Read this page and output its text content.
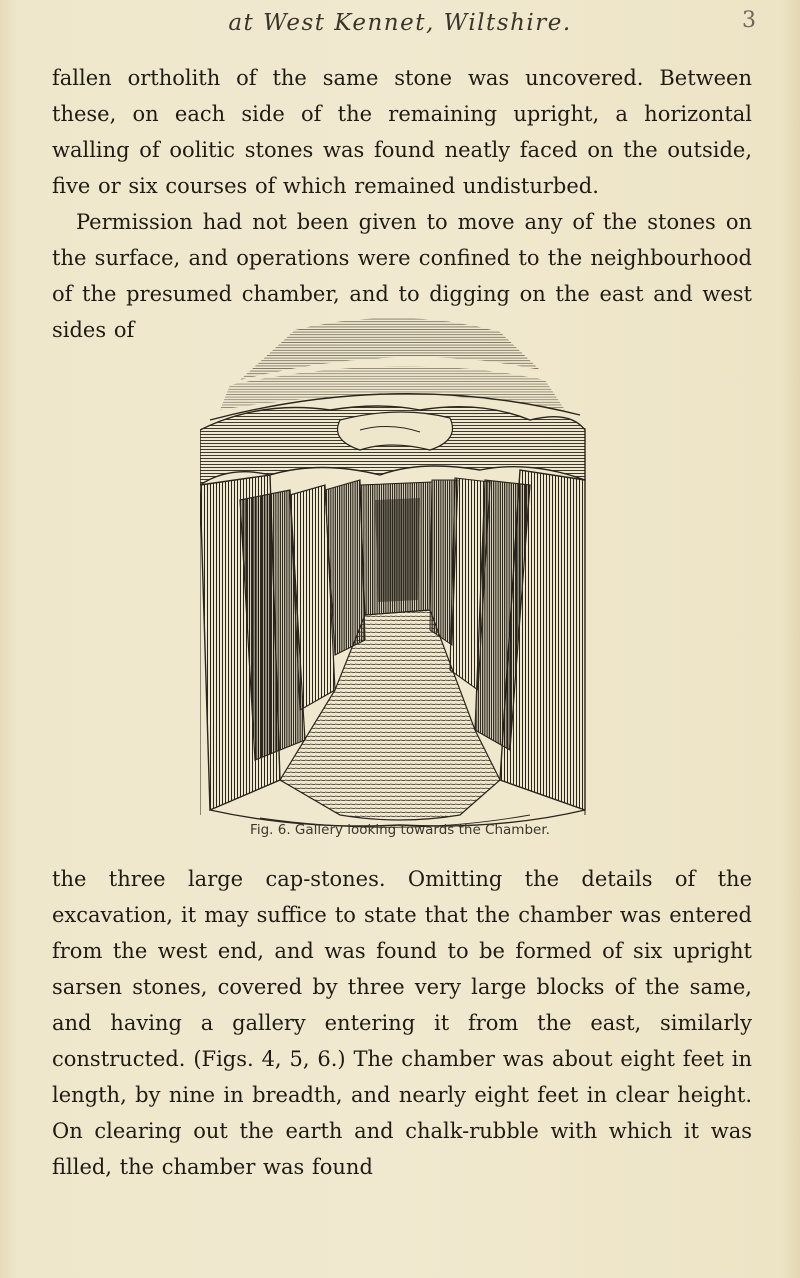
at West Kennet, Wiltshire.	3

fallen ortholith of the same stone was uncovered. Between these, on each side of the remaining upright, a horizontal walling of oolitic stones was found neatly faced on the outside, five or six courses of which remained undisturbed.

Permission had not been given to move any of the stones on the surface, and operations were confined to the neighbourhood of the presumed chamber, and to digging on the east and west sides of

Fig. 6. Gallery looking towards the Chamber.

the three large cap-stones. Omitting the details of the excavation, it may suffice to state that the chamber was entered from the west end, and was found to be formed of six upright sarsen stones, covered by three very large blocks of the same, and having a gallery entering it from the east, similarly constructed. (Figs. 4, 5, 6.) The chamber was about eight feet in length, by nine in breadth, and nearly eight feet in clear height. On clearing out the earth and chalk-rubble with which it was filled, the chamber was found
